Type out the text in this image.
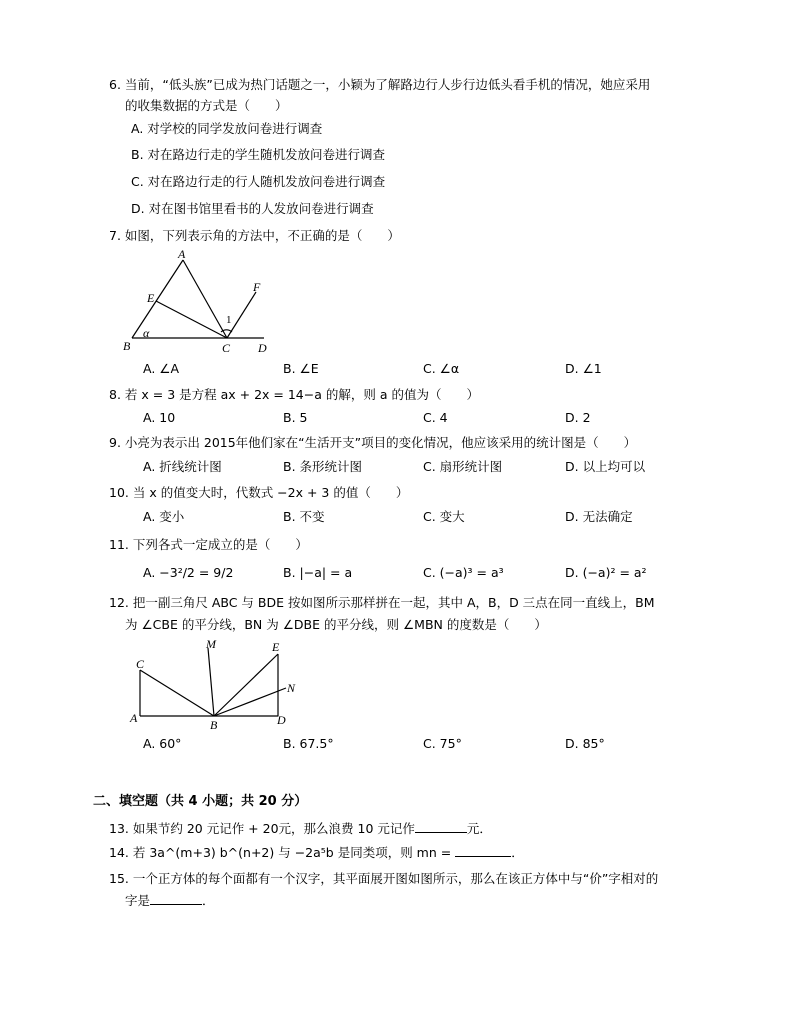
6. 当前，“低头族”已成为热门话题之一，小颖为了解路边行人步行边低头看手机的情况，她应采用
的收集数据的方式是（　　）
A. 对学校的同学发放问卷进行调查
B. 对在路边行走的学生随机发放问卷进行调查
C. 对在路边行走的行人随机发放问卷进行调查
D. 对在图书馆里看书的人发放问卷进行调查
7. 如图，下列表示角的方法中，不正确的是（　　）
A
E
F
1
α
B	C D
A. ∠A	B. ∠E	C. ∠α	D. ∠1
8. 若 x = 3 是方程 ax + 2x = 14−a 的解，则 a 的值为（　　）
A. 10	B. 5	C. 4	D. 2
9. 小亮为表示出 2015年他们家在“生活开支”项目的变化情况，他应该采用的统计图是（　　）
A. 折线统计图	B. 条形统计图	C. 扇形统计图	D. 以上均可以
10. 当 x 的值变大时，代数式 −2x + 3 的值（　　）
A. 变小	B. 不变	C. 变大	D. 无法确定
11. 下列各式一定成立的是（　　）
A. −3²/2 = 9/2	B. |−a| = a	C. (−a)³ = a³	D. (−a)² = a²
12. 把一副三角尺 ABC 与 BDE 按如图所示那样拼在一起，其中 A，B，D 三点在同一直线上，BM
为 ∠CBE 的平分线，BN 为 ∠DBE 的平分线，则 ∠MBN 的度数是（　　）
C
M	E
N
A	B	D
A. 60°	B. 67.5°	C. 75°	D. 85°
二、填空题（共 4 小题；共 20 分）
13. 如果节约 20 元记作 + 20元，那么浪费 10 元记作	元．
14. 若 3a^(m+3) b^(n+2) 与 −2a⁵b 是同类项，则 mn =	．
15. 一个正方体的每个面都有一个汉字，其平面展开图如图所示，那么在该正方体中与“价”字相对的
字是	．
